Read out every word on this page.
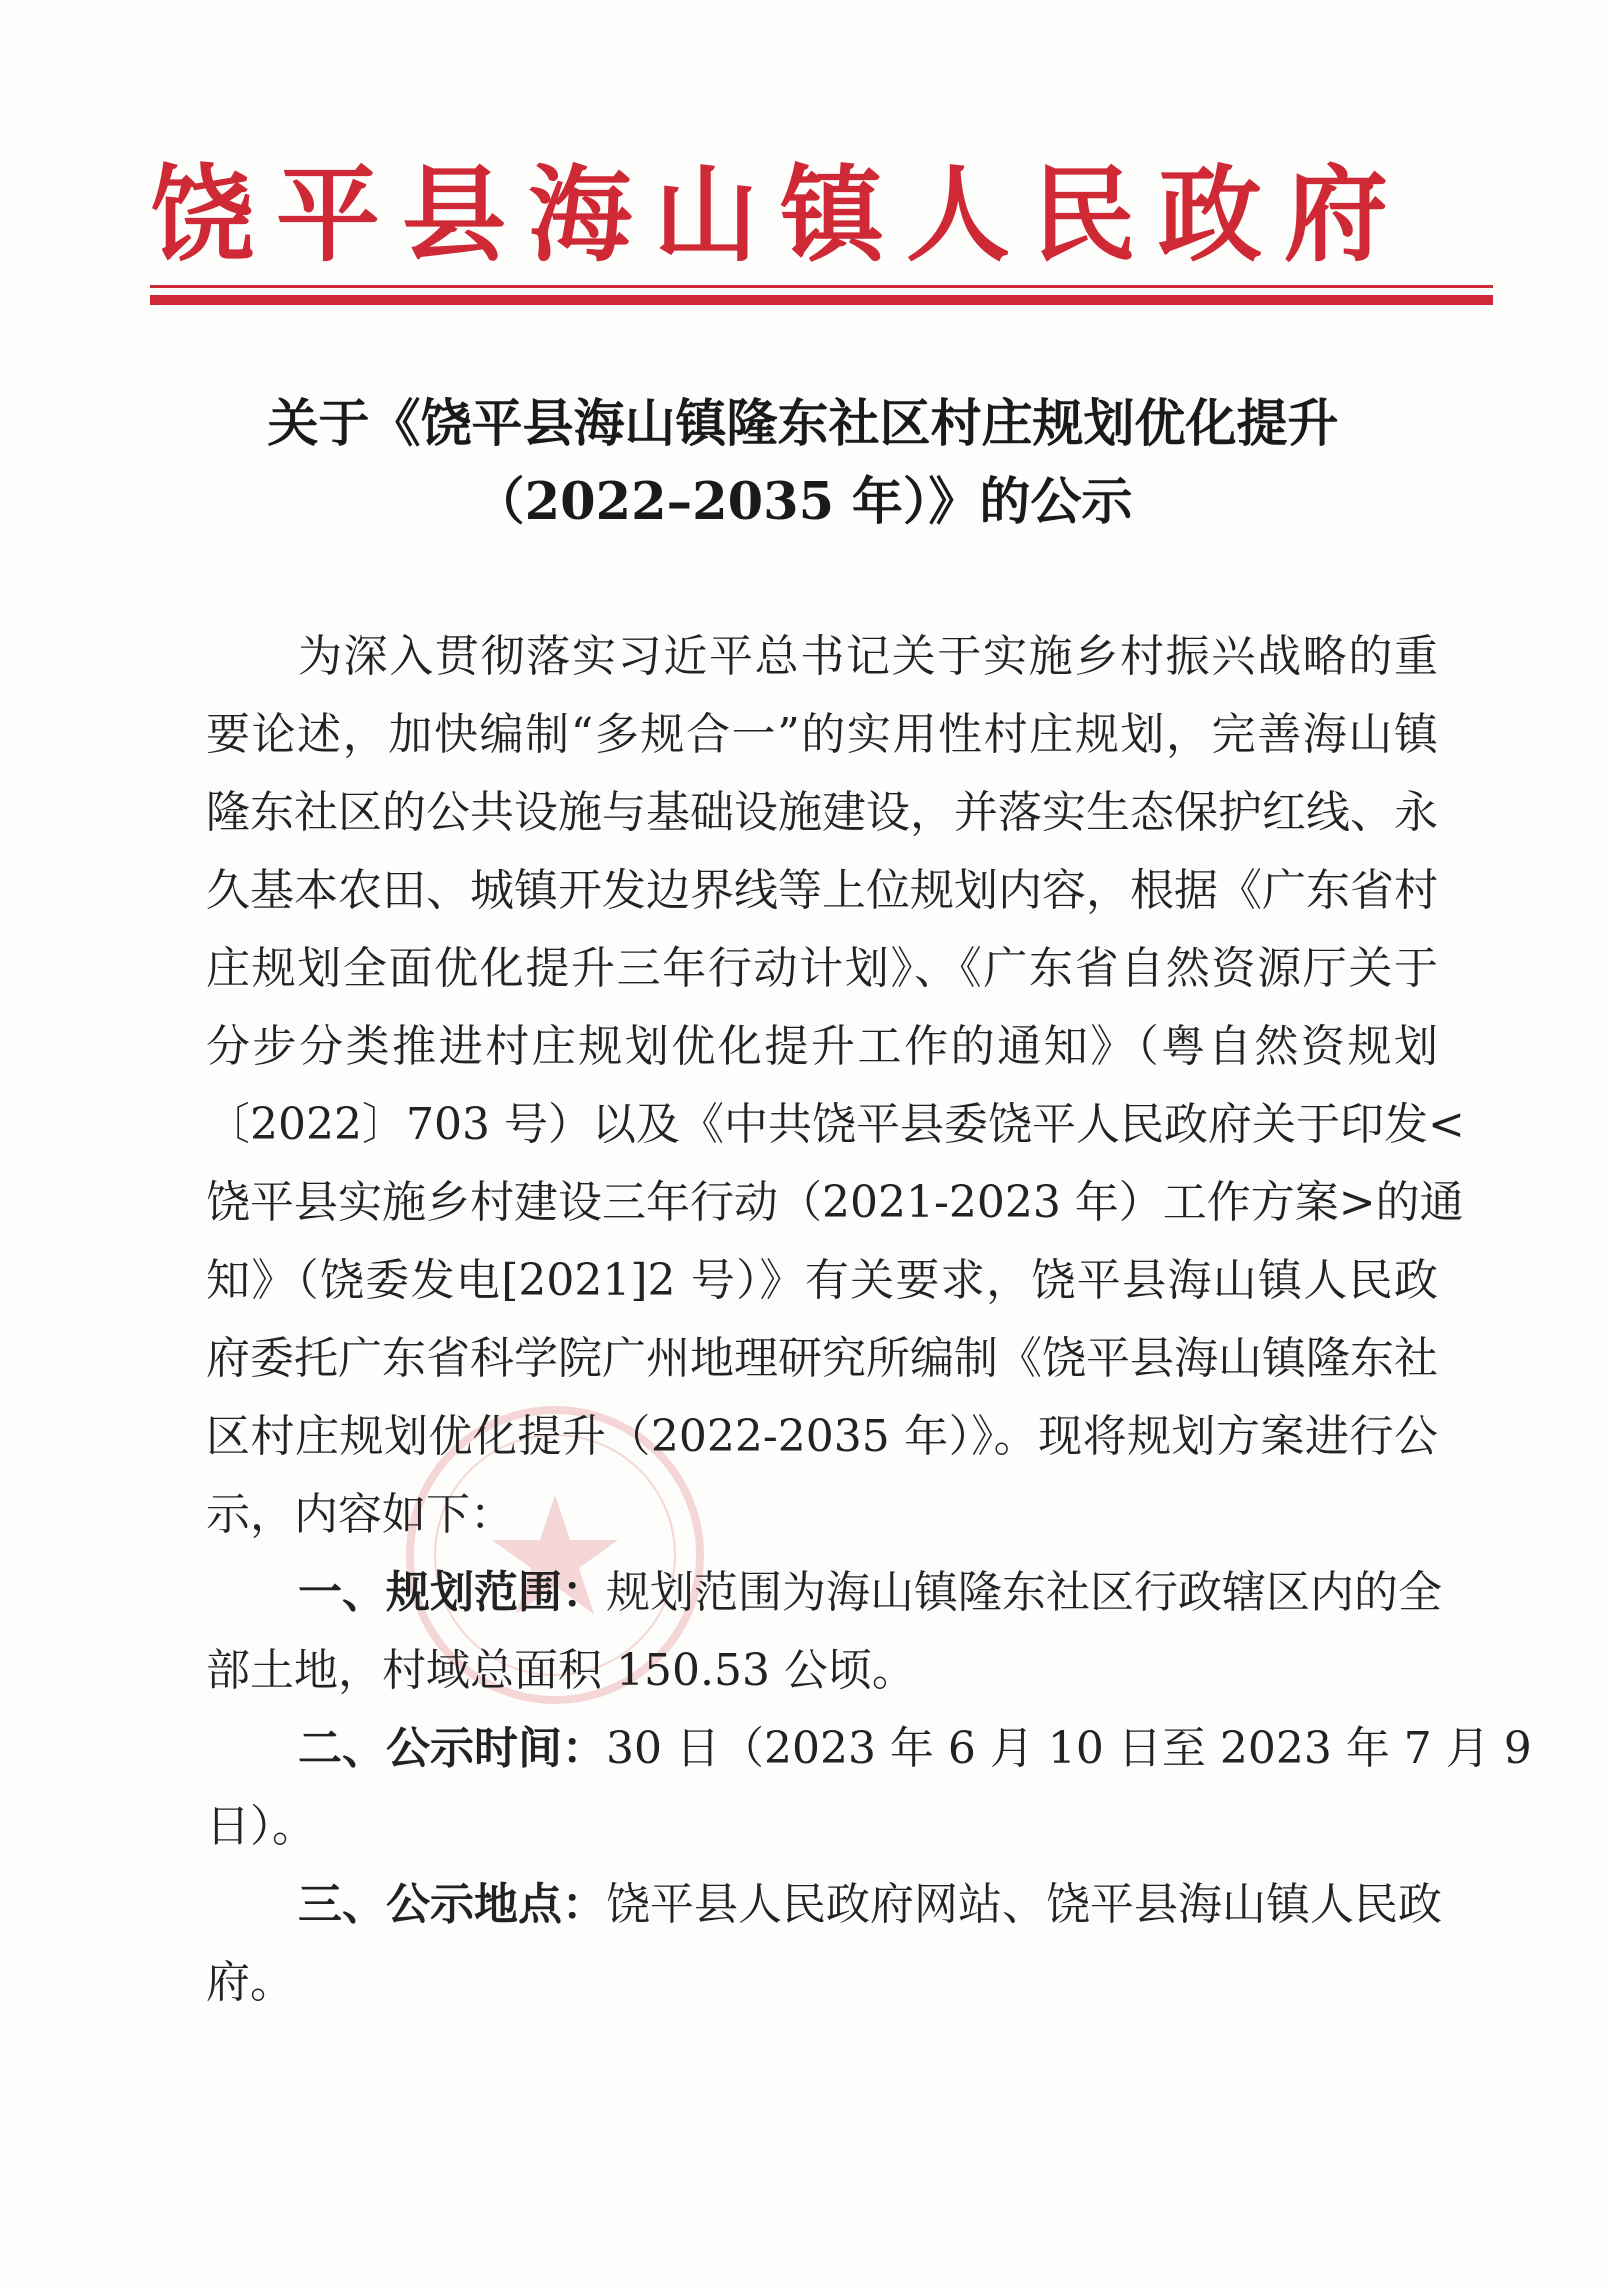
饶平县海山镇人民政府
关于《饶平县海山镇隆东社区村庄规划优化提升
（2022–2035 年）》的公示
为深入贯彻落实习近平总书记关于实施乡村振兴战略的重
要论述，加快编制“多规合一”的实用性村庄规划，完善海山镇
隆东社区的公共设施与基础设施建设，并落实生态保护红线、永
久基本农田、城镇开发边界线等上位规划内容，根据《广东省村
庄规划全面优化提升三年行动计划》、《广东省自然资源厅关于
分步分类推进村庄规划优化提升工作的通知》（粤自然资规划
〔2022〕703 号）以及《中共饶平县委饶平人民政府关于印发<
饶平县实施乡村建设三年行动（2021-2023 年）工作方案>的通
知》（饶委发电[2021]2 号）》有关要求，饶平县海山镇人民政
府委托广东省科学院广州地理研究所编制《饶平县海山镇隆东社
区村庄规划优化提升（2022-2035 年）》。现将规划方案进行公
示，内容如下：
一、规划范围：规划范围为海山镇隆东社区行政辖区内的全
部土地，村域总面积 150.53 公顷。
二、公示时间：30 日（2023 年 6 月 10 日至 2023 年 7 月 9
日）。
三、公示地点：饶平县人民政府网站、饶平县海山镇人民政
府。
